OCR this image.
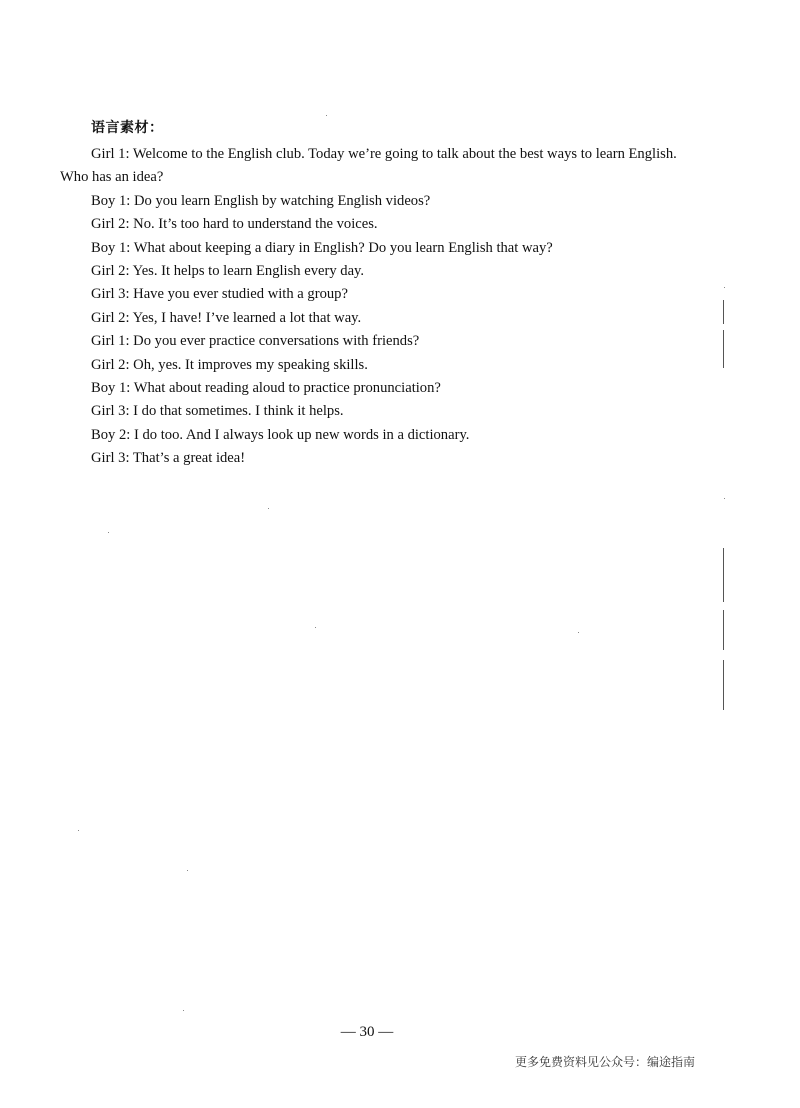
语言素材：

Girl 1: Welcome to the English club. Today we’re going to talk about the best ways to learn English. Who has an idea?

Boy 1: Do you learn English by watching English videos?

Girl 2: No. It’s too hard to understand the voices.

Boy 1: What about keeping a diary in English? Do you learn English that way?

Girl 2: Yes. It helps to learn English every day.

Girl 3: Have you ever studied with a group?

Girl 2: Yes, I have! I’ve learned a lot that way.

Girl 1: Do you ever practice conversations with friends?

Girl 2: Oh, yes. It improves my speaking skills.

Boy 1: What about reading aloud to practice pronunciation?

Girl 3: I do that sometimes. I think it helps.

Boy 2: I do too. And I always look up new words in a dictionary.

Girl 3: That’s a great idea!

— 30 —
更多免费资料见公众号：编途指南
